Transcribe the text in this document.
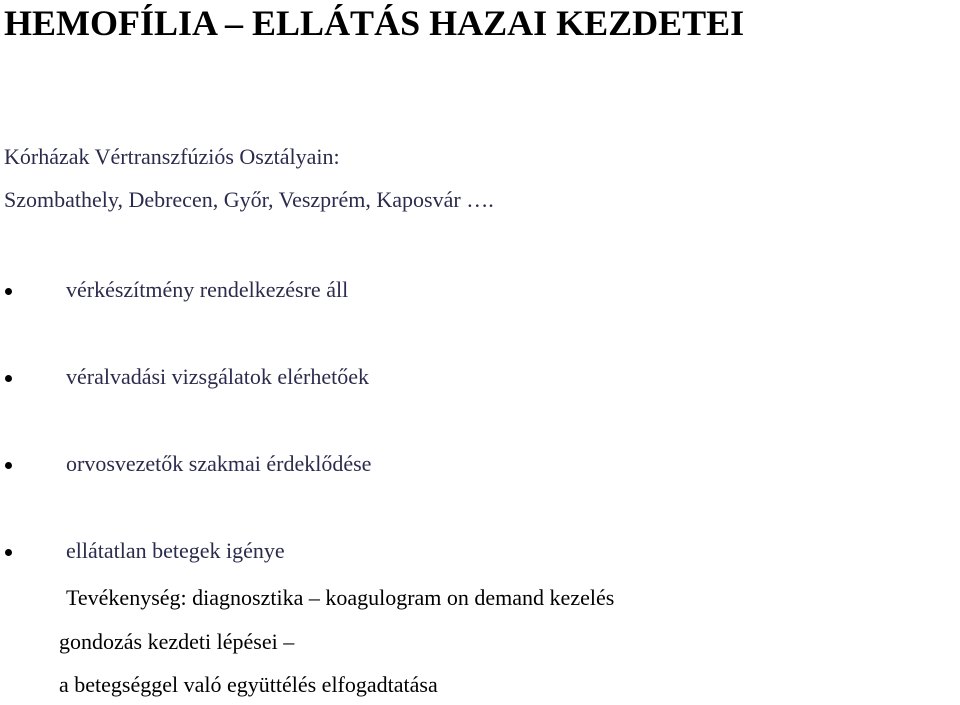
HEMOFÍLIA – ELLÁTÁS HAZAI KEZDETEI

Kórházak Vértranszfúziós Osztályain:

Szombathely, Debrecen, Győr, Veszprém, Kaposvár ….

vérkészítmény rendelkezésre áll
véralvadási vizsgálatok elérhetőek
orvosvezetők szakmai érdeklődése
ellátatlan betegek igénye

Tevékenység: diagnosztika – koagulogram on demand kezelés

gondozás kezdeti lépései –

a betegséggel való együttélés elfogadtatása
